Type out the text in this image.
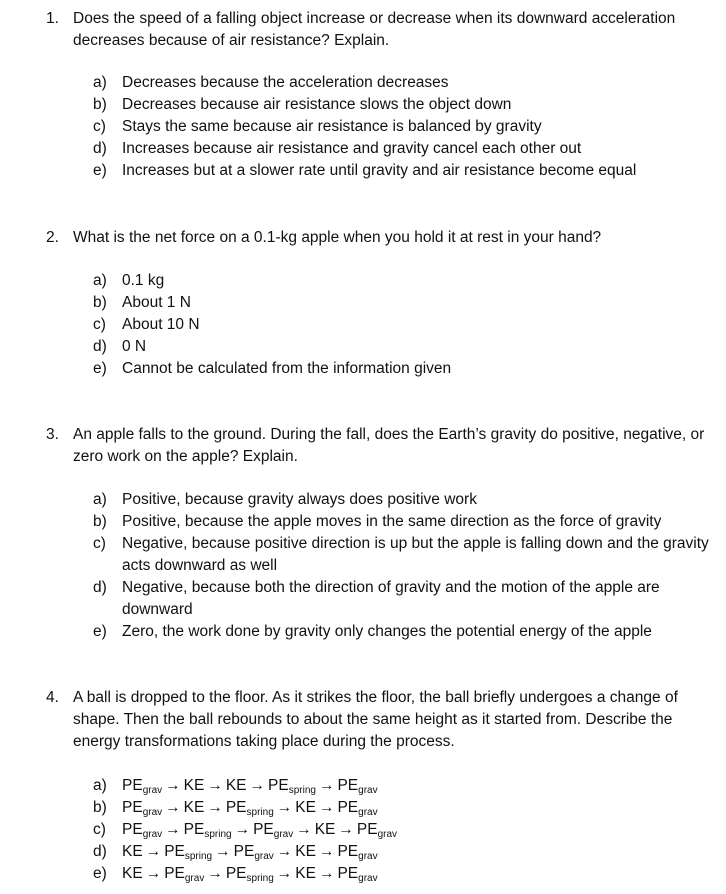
1. Does the speed of a falling object increase or decrease when its downward acceleration decreases because of air resistance? Explain.
a) Decreases because the acceleration decreases
b) Decreases because air resistance slows the object down
c) Stays the same because air resistance is balanced by gravity
d) Increases because air resistance and gravity cancel each other out
e) Increases but at a slower rate until gravity and air resistance become equal
2. What is the net force on a 0.1-kg apple when you hold it at rest in your hand?
a) 0.1 kg
b) About 1 N
c) About 10 N
d) 0 N
e) Cannot be calculated from the information given
3. An apple falls to the ground. During the fall, does the Earth’s gravity do positive, negative, or zero work on the apple? Explain.
a) Positive, because gravity always does positive work
b) Positive, because the apple moves in the same direction as the force of gravity
c) Negative, because positive direction is up but the apple is falling down and the gravity acts downward as well
d) Negative, because both the direction of gravity and the motion of the apple are downward
e) Zero, the work done by gravity only changes the potential energy of the apple
4. A ball is dropped to the floor. As it strikes the floor, the ball briefly undergoes a change of shape. Then the ball rebounds to about the same height as it started from. Describe the energy transformations taking place during the process.
a) $PE_{grav}$ → KE → KE → $PE_{spring} \to PE_{grav}$
b) $PE_{grav}$ → KE → $PE_{spring}$ → KE → $PE_{grav}$
c) $PE_{grav} \to PE_{spring} \to PE_{grav}$ → KE → $PE_{grav}$
d) KE → $PE_{spring} \to PE_{grav}$ → KE → $PE_{grav}$
e) KE → $PE_{grav} \to PE_{spring}$ → KE → $PE_{grav}$
